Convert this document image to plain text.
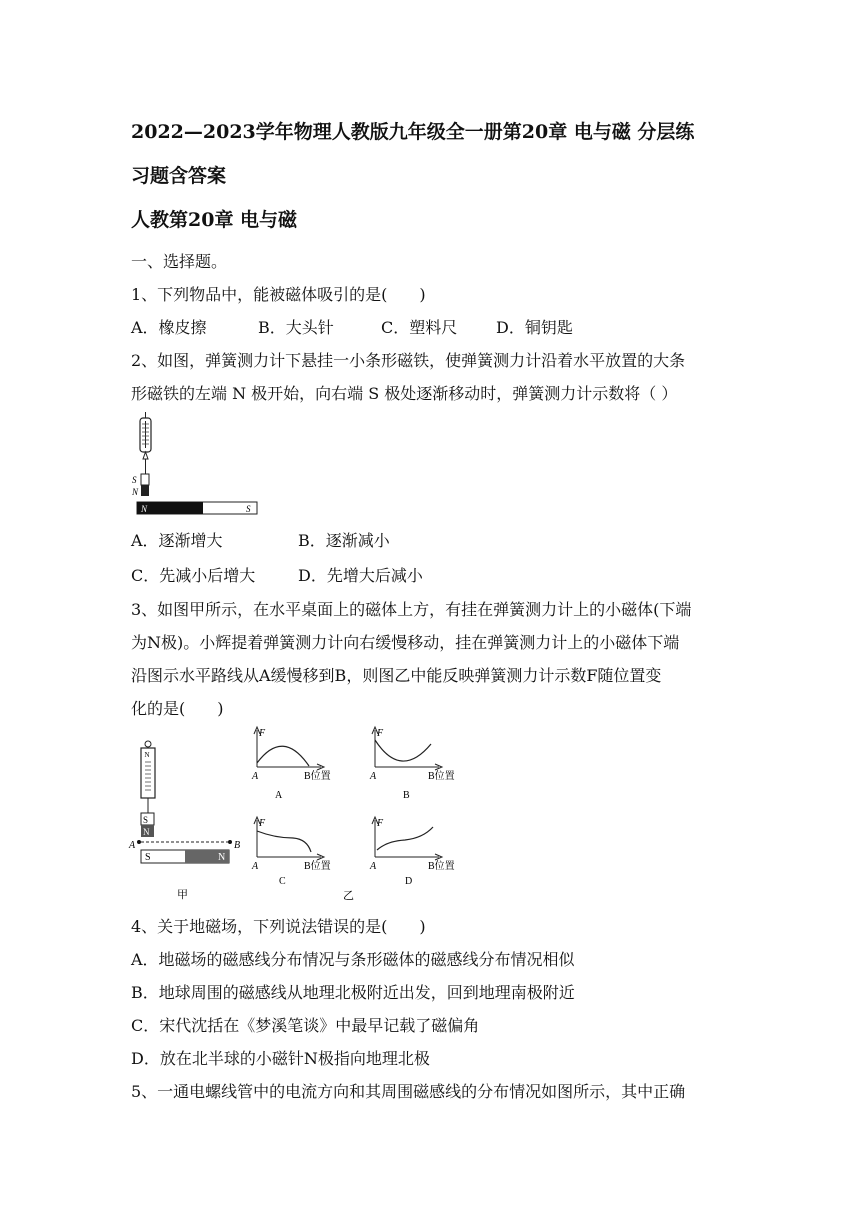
2022—2023学年物理人教版九年级全一册第20章 电与磁 分层练
习题含答案
人教第20章 电与磁
一、选择题。
1、下列物品中，能被磁体吸引的是(　　)
A．橡皮擦	B．大头针	C．塑料尺 D．铜钥匙
2、如图，弹簧测力计下悬挂一小条形磁铁，使弹簧测力计沿着水平放置的大条
形磁铁的左端 N 极开始，向右端 S 极处逐渐移动时，弹簧测力计示数将（ ）
S
N
N	S
A．逐渐增大	B．逐渐减小
C．先减小后增大	D．先增大后减小
3、如图甲所示，在水平桌面上的磁体上方，有挂在弹簧测力计上的小磁体(下端
为N极)。小辉提着弹簧测力计向右缓慢移动，挂在弹簧测力计上的小磁体下端
沿图示水平路线从A缓慢移到B，则图乙中能反映弹簧测力计示数F随位置变
化的是(　　)
N
S
N
A	B
S	N
甲
F
A	B位置
A
F
A	B位置
B
F
A	B位置
C
F
A	B位置
D
乙
4、关于地磁场，下列说法错误的是(　　)
A．地磁场的磁感线分布情况与条形磁体的磁感线分布情况相似
B．地球周围的磁感线从地理北极附近出发，回到地理南极附近
C．宋代沈括在《梦溪笔谈》中最早记载了磁偏角
D．放在北半球的小磁针N极指向地理北极
5、一通电螺线管中的电流方向和其周围磁感线的分布情况如图所示，其中正确
